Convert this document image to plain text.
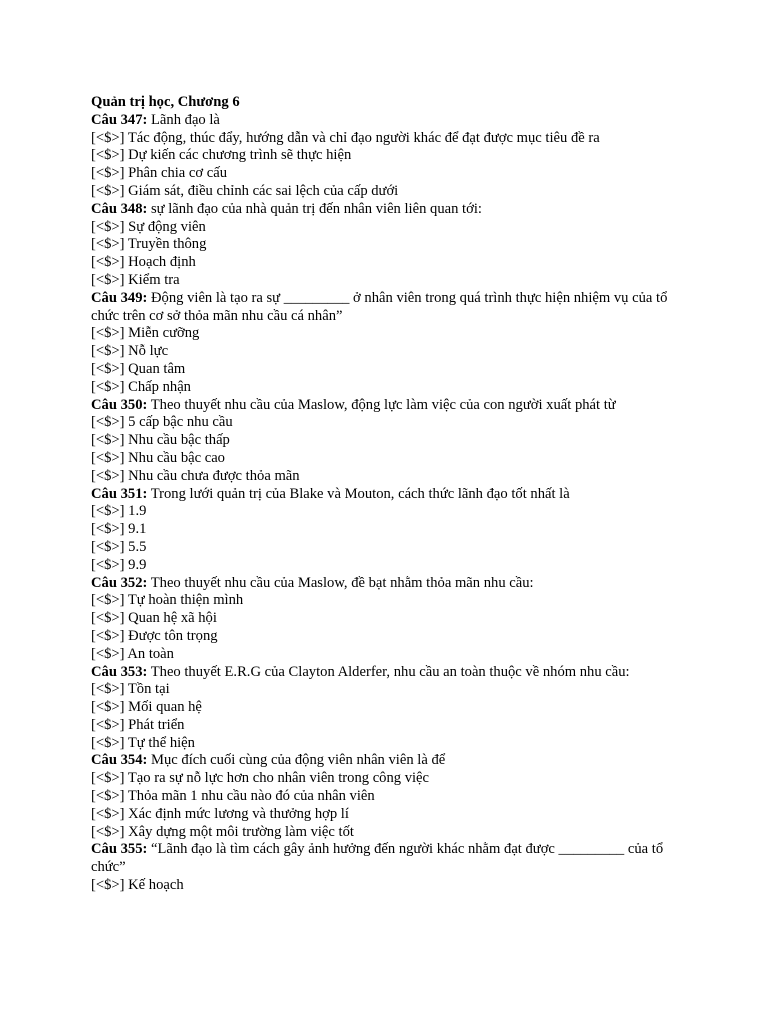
Quản trị học, Chương 6
Câu 347: Lãnh đạo là
[<$>] Tác động, thúc đẩy, hướng dẫn và chỉ đạo người khác để đạt được mục tiêu đề ra
[<$>] Dự kiến các chương trình sẽ thực hiện
[<$>] Phân chia cơ cấu
[<$>] Giám sát, điều chỉnh các sai lệch của cấp dưới
Câu 348: sự lãnh đạo của nhà quản trị đến nhân viên liên quan tới:
[<$>] Sự động viên
[<$>] Truyền thông
[<$>] Hoạch định
[<$>] Kiểm tra
Câu 349: Động viên là tạo ra sự _________ ở nhân viên trong quá trình thực hiện nhiệm vụ của tổ chức trên cơ sở thỏa mãn nhu cầu cá nhân”
[<$>] Miễn cưỡng
[<$>] Nỗ lực
[<$>] Quan tâm
[<$>] Chấp nhận
Câu 350: Theo thuyết nhu cầu của Maslow, động lực làm việc của con người xuất phát từ
[<$>] 5 cấp bậc nhu cầu
[<$>] Nhu cầu bậc thấp
[<$>] Nhu cầu bậc cao
[<$>] Nhu cầu chưa được thỏa mãn
Câu 351: Trong lưới quản trị của Blake và Mouton, cách thức lãnh đạo tốt nhất là
[<$>] 1.9
[<$>] 9.1
[<$>] 5.5
[<$>] 9.9
Câu 352: Theo thuyết nhu cầu của Maslow, đề bạt nhằm thỏa mãn nhu cầu:
[<$>] Tự hoàn thiện mình
[<$>] Quan hệ xã hội
[<$>] Được tôn trọng
[<$>] An toàn
Câu 353: Theo thuyết E.R.G của Clayton Alderfer, nhu cầu an toàn thuộc về nhóm nhu cầu:
[<$>] Tồn tại
[<$>] Mối quan hệ
[<$>] Phát triển
[<$>] Tự thể hiện
Câu 354: Mục đích cuối cùng của động viên nhân viên là để
[<$>] Tạo ra sự nỗ lực hơn cho nhân viên trong công việc
[<$>] Thỏa mãn 1 nhu cầu nào đó của nhân viên
[<$>] Xác định mức lương và thưởng hợp lí
[<$>] Xây dựng một môi trường làm việc tốt
Câu 355: “Lãnh đạo là tìm cách gây ảnh hưởng đến người khác nhằm đạt được _________ của tổ chức”
[<$>] Kế hoạch
